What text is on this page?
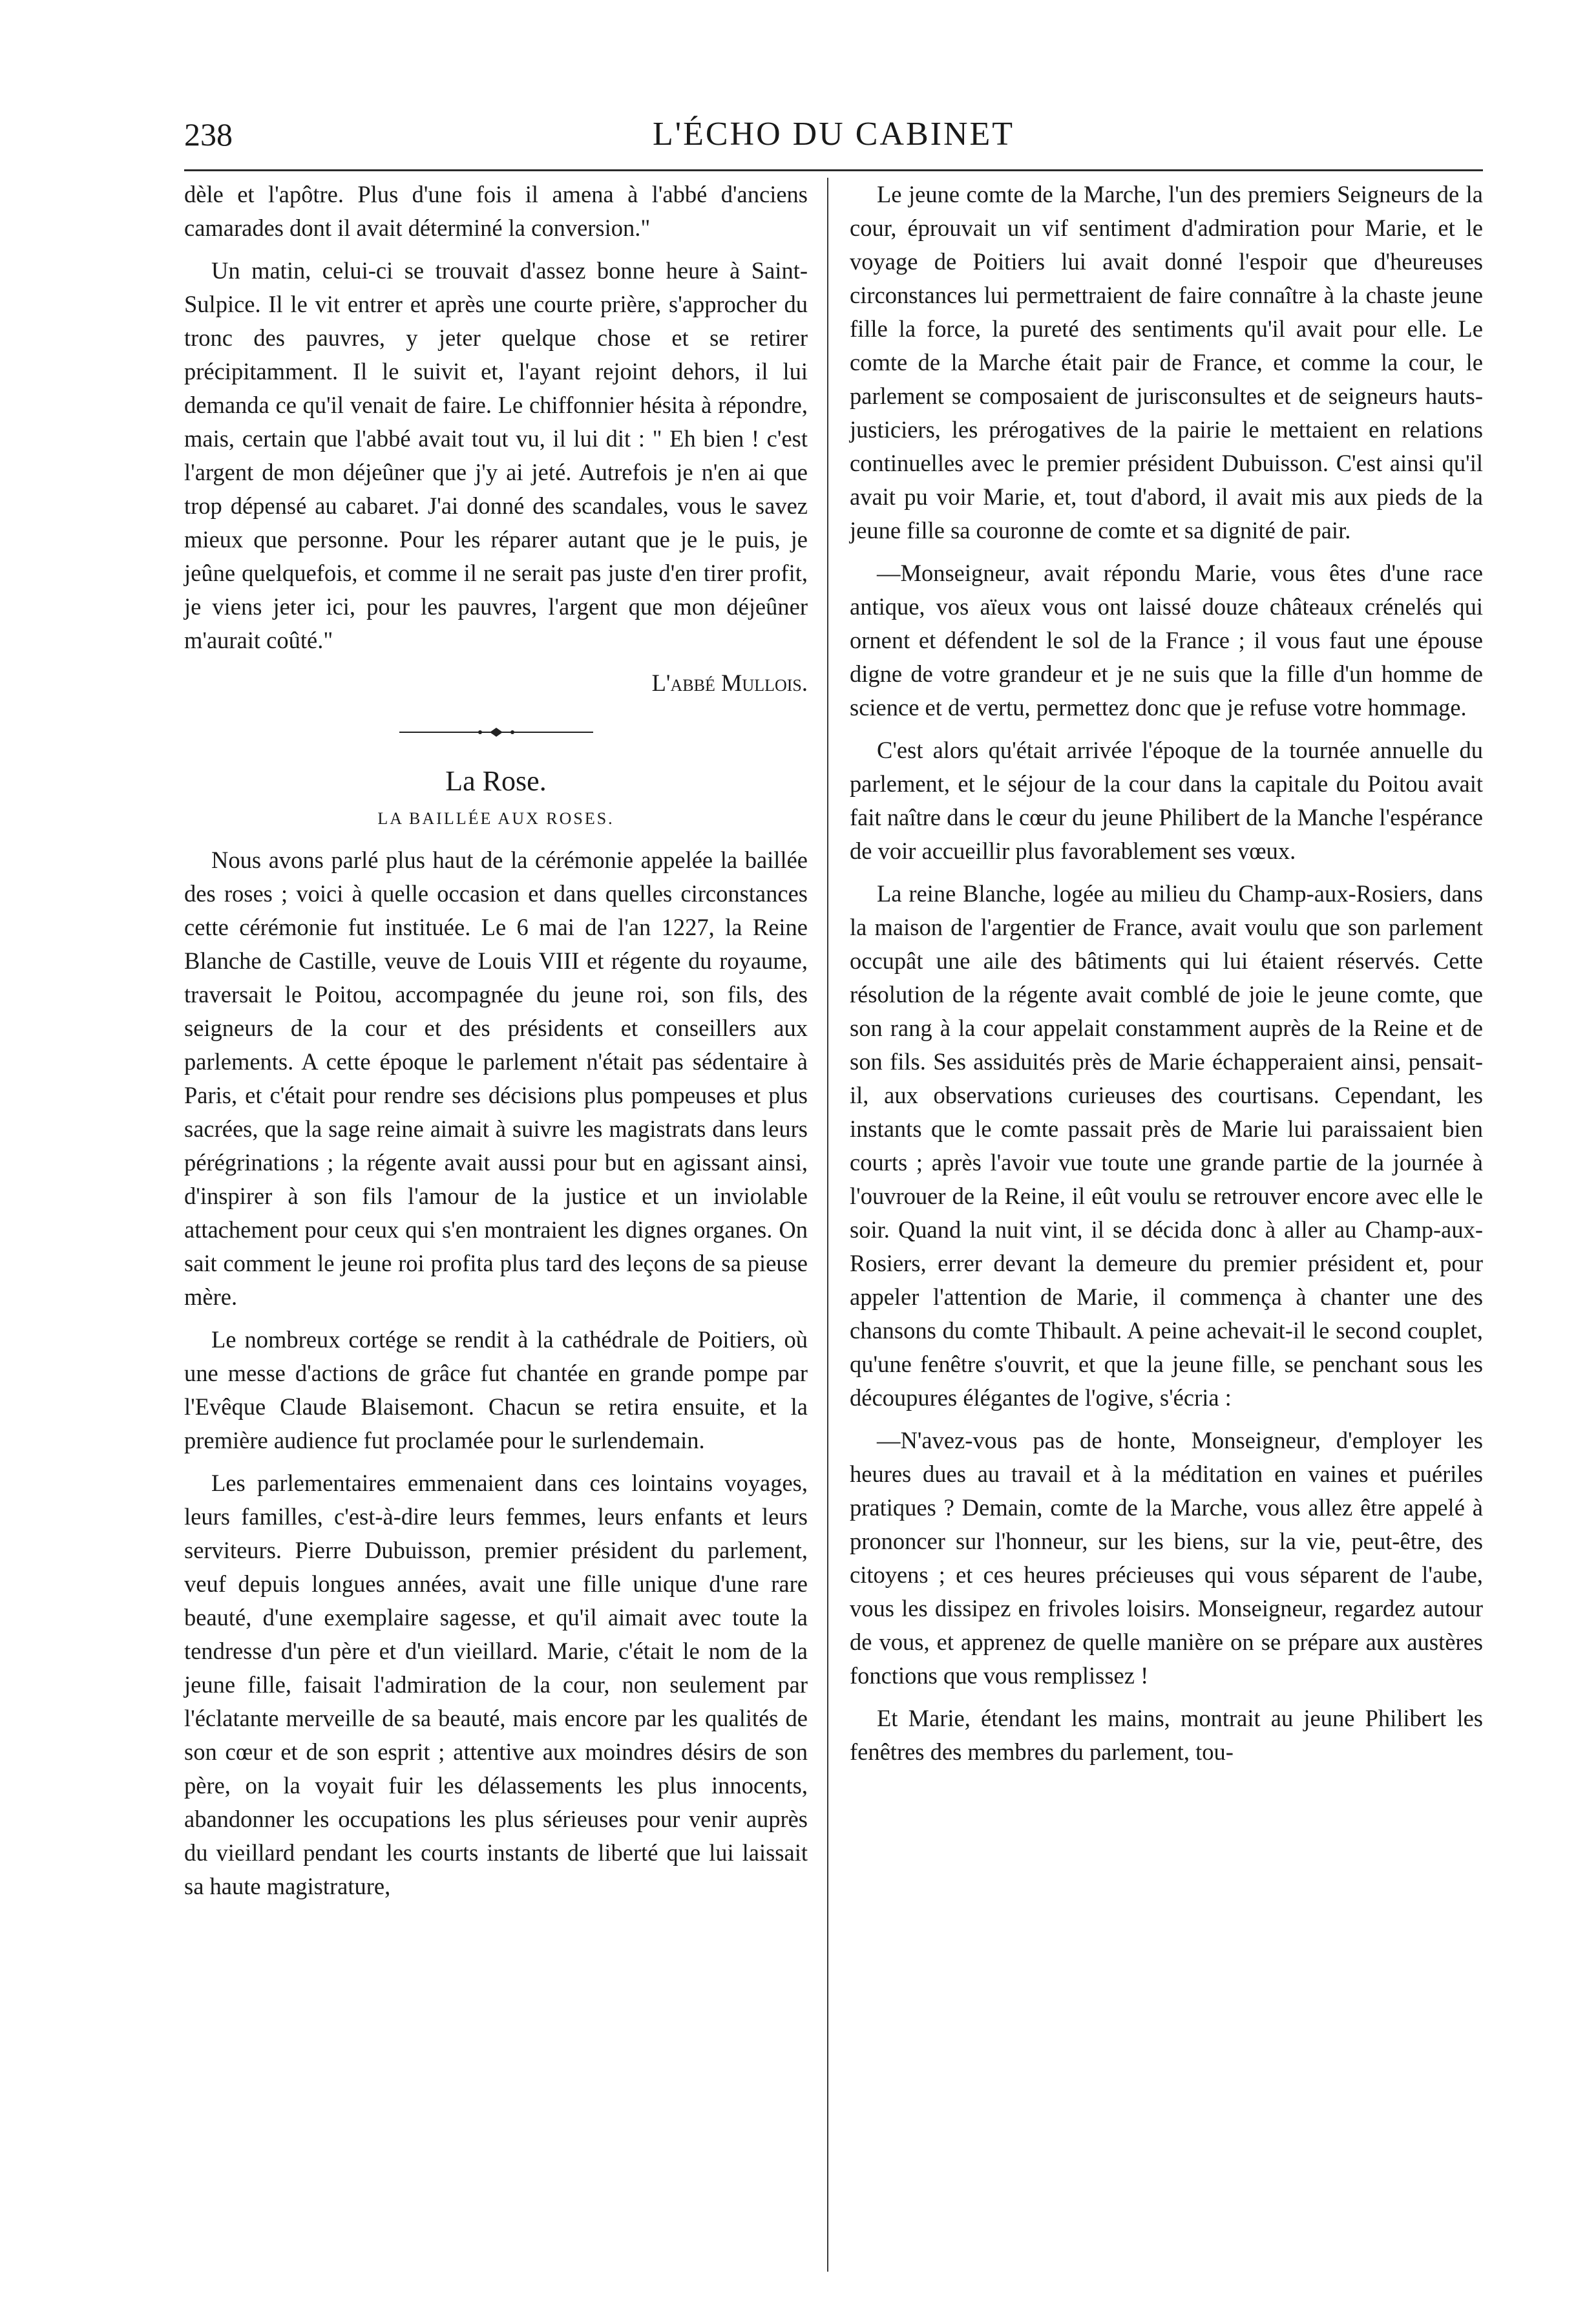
238	L'ÉCHO DU CABINET

dèle et l'apôtre. Plus d'une fois il amena à l'abbé d'anciens camarades dont il avait déterminé la conversion."

Un matin, celui-ci se trouvait d'assez bonne heure à Saint-Sulpice. Il le vit entrer et après une courte prière, s'approcher du tronc des pauvres, y jeter quelque chose et se retirer précipitamment. Il le suivit et, l'ayant rejoint dehors, il lui demanda ce qu'il venait de faire. Le chiffonnier hésita à répondre, mais, certain que l'abbé avait tout vu, il lui dit : " Eh bien ! c'est l'argent de mon déjeûner que j'y ai jeté. Autrefois je n'en ai que trop dépensé au cabaret. J'ai donné des scandales, vous le savez mieux que personne. Pour les réparer autant que je le puis, je jeûne quelquefois, et comme il ne serait pas juste d'en tirer profit, je viens jeter ici, pour les pauvres, l'argent que mon déjeûner m'aurait coûté."

L'abbé Mullois.
La Rose.
LA BAILLÉE AUX ROSES.

Nous avons parlé plus haut de la cérémonie appelée la baillée des roses ; voici à quelle occasion et dans quelles circonstances cette cérémonie fut instituée. Le 6 mai de l'an 1227, la Reine Blanche de Castille, veuve de Louis VIII et régente du royaume, traversait le Poitou, accompagnée du jeune roi, son fils, des seigneurs de la cour et des présidents et conseillers aux parlements. A cette époque le parlement n'était pas sédentaire à Paris, et c'était pour rendre ses décisions plus pompeuses et plus sacrées, que la sage reine aimait à suivre les magistrats dans leurs pérégrinations ; la régente avait aussi pour but en agissant ainsi, d'inspirer à son fils l'amour de la justice et un inviolable attachement pour ceux qui s'en montraient les dignes organes. On sait comment le jeune roi profita plus tard des leçons de sa pieuse mère.

Le nombreux cortége se rendit à la cathédrale de Poitiers, où une messe d'actions de grâce fut chantée en grande pompe par l'Evêque Claude Blaisemont. Chacun se retira ensuite, et la première audience fut proclamée pour le surlendemain.

Les parlementaires emmenaient dans ces lointains voyages, leurs familles, c'est-à-dire leurs femmes, leurs enfants et leurs serviteurs. Pierre Dubuisson, premier président du parlement, veuf depuis longues années, avait une fille unique d'une rare beauté, d'une exemplaire sagesse, et qu'il aimait avec toute la tendresse d'un père et d'un vieillard. Marie, c'était le nom de la jeune fille, faisait l'admiration de la cour, non seulement par l'éclatante merveille de sa beauté, mais encore par les qualités de son cœur et de son esprit ; attentive aux moindres désirs de son père, on la voyait fuir les délassements les plus innocents, abandonner les occupations les plus sérieuses pour venir auprès du vieillard pendant les courts instants de liberté que lui laissait sa haute magistrature,

Le jeune comte de la Marche, l'un des premiers Seigneurs de la cour, éprouvait un vif sentiment d'admiration pour Marie, et le voyage de Poitiers lui avait donné l'espoir que d'heureuses circonstances lui permettraient de faire connaître à la chaste jeune fille la force, la pureté des sentiments qu'il avait pour elle. Le comte de la Marche était pair de France, et comme la cour, le parlement se composaient de jurisconsultes et de seigneurs hauts-justiciers, les prérogatives de la pairie le mettaient en relations continuelles avec le premier président Dubuisson. C'est ainsi qu'il avait pu voir Marie, et, tout d'abord, il avait mis aux pieds de la jeune fille sa couronne de comte et sa dignité de pair.

—Monseigneur, avait répondu Marie, vous êtes d'une race antique, vos aïeux vous ont laissé douze châteaux crénelés qui ornent et défendent le sol de la France ; il vous faut une épouse digne de votre grandeur et je ne suis que la fille d'un homme de science et de vertu, permettez donc que je refuse votre hommage.

C'est alors qu'était arrivée l'époque de la tournée annuelle du parlement, et le séjour de la cour dans la capitale du Poitou avait fait naître dans le cœur du jeune Philibert de la Manche l'espérance de voir accueillir plus favorablement ses vœux.

La reine Blanche, logée au milieu du Champ-aux-Rosiers, dans la maison de l'argentier de France, avait voulu que son parlement occupât une aile des bâtiments qui lui étaient réservés. Cette résolution de la régente avait comblé de joie le jeune comte, que son rang à la cour appelait constamment auprès de la Reine et de son fils. Ses assiduités près de Marie échapperaient ainsi, pensait-il, aux observations curieuses des courtisans. Cependant, les instants que le comte passait près de Marie lui paraissaient bien courts ; après l'avoir vue toute une grande partie de la journée à l'ouvrouer de la Reine, il eût voulu se retrouver encore avec elle le soir. Quand la nuit vint, il se décida donc à aller au Champ-aux-Rosiers, errer devant la demeure du premier président et, pour appeler l'attention de Marie, il commença à chanter une des chansons du comte Thibault. A peine achevait-il le second couplet, qu'une fenêtre s'ouvrit, et que la jeune fille, se penchant sous les découpures élégantes de l'ogive, s'écria :

—N'avez-vous pas de honte, Monseigneur, d'employer les heures dues au travail et à la méditation en vaines et puériles pratiques ? Demain, comte de la Marche, vous allez être appelé à prononcer sur l'honneur, sur les biens, sur la vie, peut-être, des citoyens ; et ces heures précieuses qui vous séparent de l'aube, vous les dissipez en frivoles loisirs. Monseigneur, regardez autour de vous, et apprenez de quelle manière on se prépare aux austères fonctions que vous remplissez !

Et Marie, étendant les mains, montrait au jeune Philibert les fenêtres des membres du parlement, tou-
